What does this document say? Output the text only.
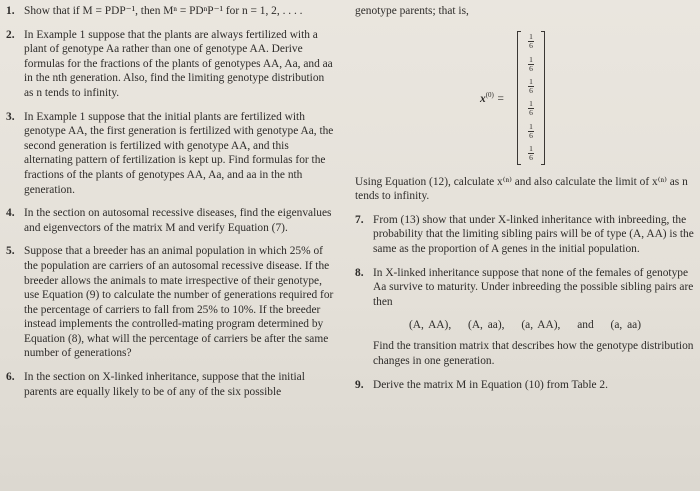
1. Show that if M = PDP⁻¹, then Mⁿ = PDⁿP⁻¹ for n = 1, 2, . . . .
2. In Example 1 suppose that the plants are always fertilized with a plant of genotype Aa rather than one of genotype AA. Derive formulas for the fractions of the plants of genotypes AA, Aa, and aa in the nth generation. Also, find the limiting genotype distribution as n tends to infinity.
3. In Example 1 suppose that the initial plants are fertilized with genotype AA, the first generation is fertilized with genotype Aa, the second generation is fertilized with genotype AA, and this alternating pattern of fertilization is kept up. Find formulas for the fractions of the plants of genotypes AA, Aa, and aa in the nth generation.
4. In the section on autosomal recessive diseases, find the eigenvalues and eigenvectors of the matrix M and verify Equation (7).
5. Suppose that a breeder has an animal population in which 25% of the population are carriers of an autosomal recessive disease. If the breeder allows the animals to mate irrespective of their genotype, use Equation (9) to calculate the number of generations required for the percentage of carriers to fall from 25% to 10%. If the breeder instead implements the controlled-mating program determined by Equation (8), what will the percentage of carriers be after the same number of generations?
6. In the section on X-linked inheritance, suppose that the initial parents are equally likely to be of any of the six possible
genotype parents; that is,
$x^{(0)}$ =
$\frac{1}{6}$
$\frac{1}{6}$
$\frac{1}{6}$
$\frac{1}{6}$
$\frac{1}{6}$
$\frac{1}{6}$
Using Equation (12), calculate x⁽ⁿ⁾ and also calculate the limit of x⁽ⁿ⁾ as n tends to infinity.
7. From (13) show that under X-linked inheritance with inbreeding, the probability that the limiting sibling pairs will be of type (A, AA) is the same as the proportion of A genes in the initial population.
8. In X-linked inheritance suppose that none of the females of genotype Aa survive to maturity. Under inbreeding the possible sibling pairs are then
(A, AA), (A, aa), (a, AA), and (a, aa)
Find the transition matrix that describes how the genotype distribution changes in one generation.
9. Derive the matrix M in Equation (10) from Table 2.
